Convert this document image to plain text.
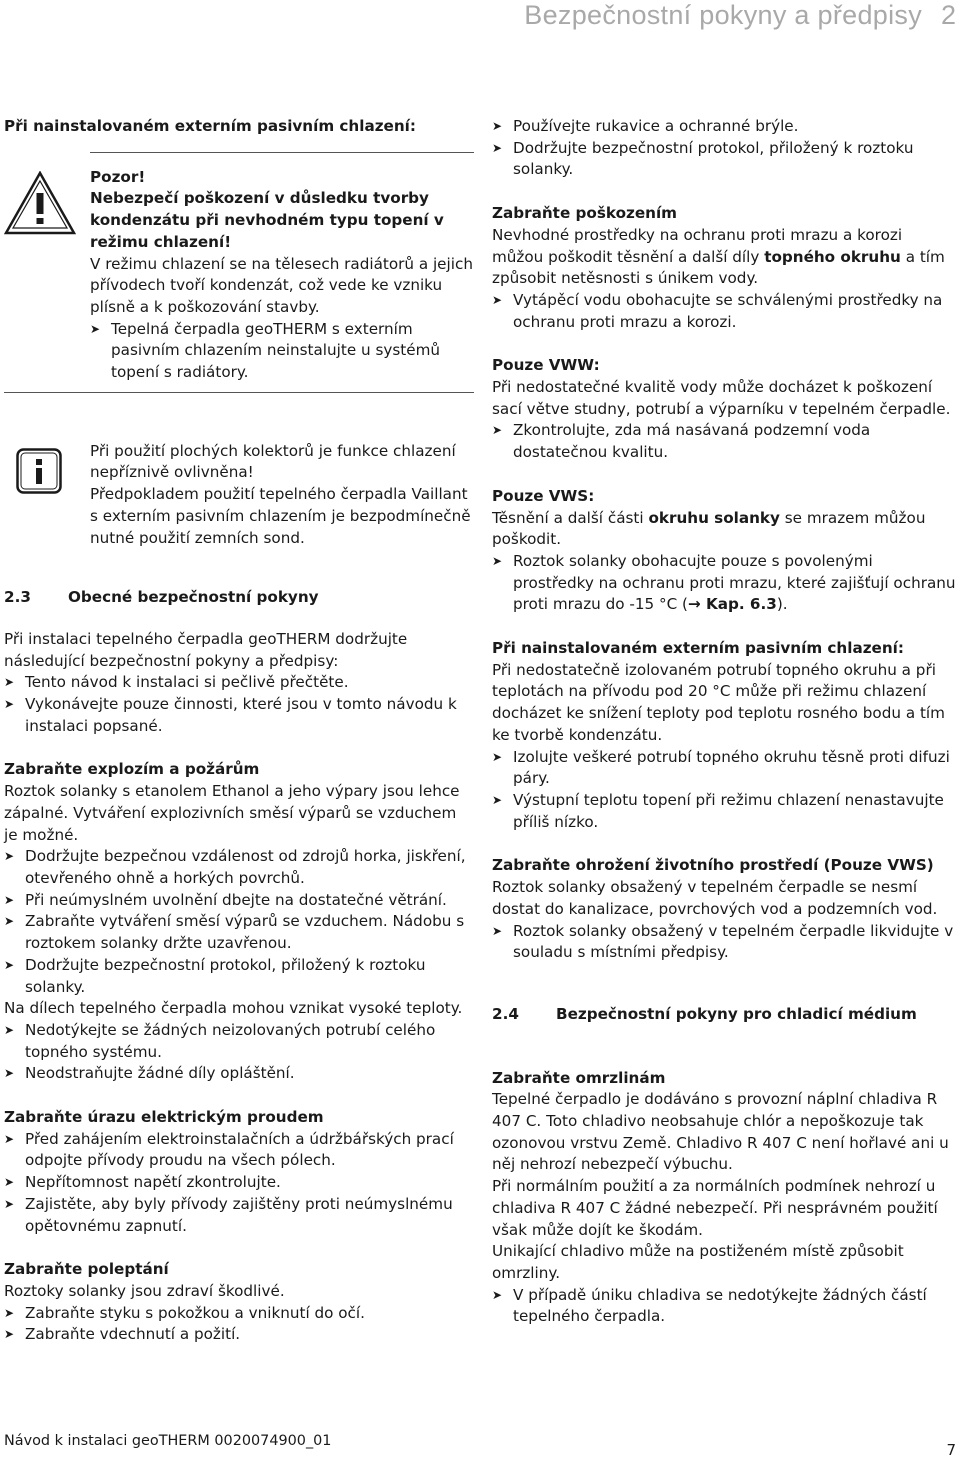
Bezpečnostní pokyny a předpisy 2

Při nainstalovaném externím pasivním chlazení:

Pozor!

Nebezpečí poškození v důsledku tvorby kondenzátu při nevhodném typu topení v režimu chlazení!

V režimu chlazení se na tělesech radiátorů a jejich přívodech tvoří kondenzát, což vede ke vzniku plísně a k poškozování stavby.

➤ Tepelná čerpadla geoTHERM s externím pasivním chlazením neinstalujte u systémů topení s radiátory.

Při použití plochých kolektorů je funkce chlazení nepříznivě ovlivněna!

Předpokladem použití tepelného čerpadla Vaillant s externím pasivním chlazením je bezpodmínečně nutné použití zemních sond.

2.3	Obecné bezpečnostní pokyny

Při instalaci tepelného čerpadla geoTHERM dodržujte následující bezpečnostní pokyny a předpisy:

➤ Tento návod k instalaci si pečlivě přečtěte.

➤ Vykonávejte pouze činnosti, které jsou v tomto návodu k instalaci popsané.

Zabraňte explozím a požárům

Roztok solanky s etanolem Ethanol a jeho výpary jsou lehce zápalné. Vytváření explozivních směsí výparů se vzduchem je možné.

➤ Dodržujte bezpečnou vzdálenost od zdrojů horka, jiskření, otevřeného ohně a horkých povrchů.

➤ Při neúmyslném uvolnění dbejte na dostatečné větrání.

➤ Zabraňte vytváření směsí výparů se vzduchem. Nádobu s roztokem solanky držte uzavřenou.

➤ Dodržujte bezpečnostní protokol, přiložený k roztoku solanky.

Na dílech tepelného čerpadla mohou vznikat vysoké teploty.

➤ Nedotýkejte se žádných neizolovaných potrubí celého topného systému.

➤ Neodstraňujte žádné díly opláštění.

Zabraňte úrazu elektrickým proudem

➤ Před zahájením elektroinstalačních a údržbářských prací odpojte přívody proudu na všech pólech.

➤ Nepřítomnost napětí zkontrolujte.

➤ Zajistěte, aby byly přívody zajištěny proti neúmyslnému opětovnému zapnutí.

Zabraňte poleptání

Roztoky solanky jsou zdraví škodlivé.

➤ Zabraňte styku s pokožkou a vniknutí do očí.

➤ Zabraňte vdechnutí a požití.

➤ Používejte rukavice a ochranné brýle.

➤ Dodržujte bezpečnostní protokol, přiložený k roztoku solanky.

Zabraňte poškozením

Nevhodné prostředky na ochranu proti mrazu a korozi můžou poškodit těsnění a další díly topného okruhu a tím způsobit netěsnosti s únikem vody.

➤ Vytápěcí vodu obohacujte se schválenými prostředky na ochranu proti mrazu a korozi.

Pouze VWW:

Při nedostatečné kvalitě vody může docházet k poškození sací větve studny, potrubí a výparníku v tepelném čerpadle.

➤ Zkontrolujte, zda má nasávaná podzemní voda dostatečnou kvalitu.

Pouze VWS:

Těsnění a další části okruhu solanky se mrazem můžou poškodit.

➤ Roztok solanky obohacujte pouze s povolenými prostředky na ochranu proti mrazu, které zajišťují ochranu proti mrazu do -15 °C (→ Kap. 6.3).

Při nainstalovaném externím pasivním chlazení:

Při nedostatečně izolovaném potrubí topného okruhu a při teplotách na přívodu pod 20 °C může při režimu chlazení docházet ke snížení teploty pod teplotu rosného bodu a tím ke tvorbě kondenzátu.

➤ Izolujte veškeré potrubí topného okruhu těsně proti difuzi páry.

➤ Výstupní teplotu topení při režimu chlazení nenastavujte příliš nízko.

Zabraňte ohrožení životního prostředí (Pouze VWS)

Roztok solanky obsažený v tepelném čerpadle se nesmí dostat do kanalizace, povrchových vod a podzemních vod.

➤ Roztok solanky obsažený v tepelném čerpadle likvidujte v souladu s místními předpisy.

2.4	Bezpečnostní pokyny pro chladicí médium

Zabraňte omrzlinám

Tepelné čerpadlo je dodáváno s provozní náplní chladiva R 407 C. Toto chladivo neobsahuje chlór a nepoškozuje tak ozonovou vrstvu Země. Chladivo R 407 C není hořlavé ani u něj nehrozí nebezpečí výbuchu.

Při normálním použití a za normálních podmínek nehrozí u chladiva R 407 C žádné nebezpečí. Při nesprávném použití však může dojít ke škodám.

Unikající chladivo může na postiženém místě způsobit omrzliny.

➤ V případě úniku chladiva se nedotýkejte žádných částí tepelného čerpadla.

Návod k instalaci geoTHERM 0020074900_01	7
